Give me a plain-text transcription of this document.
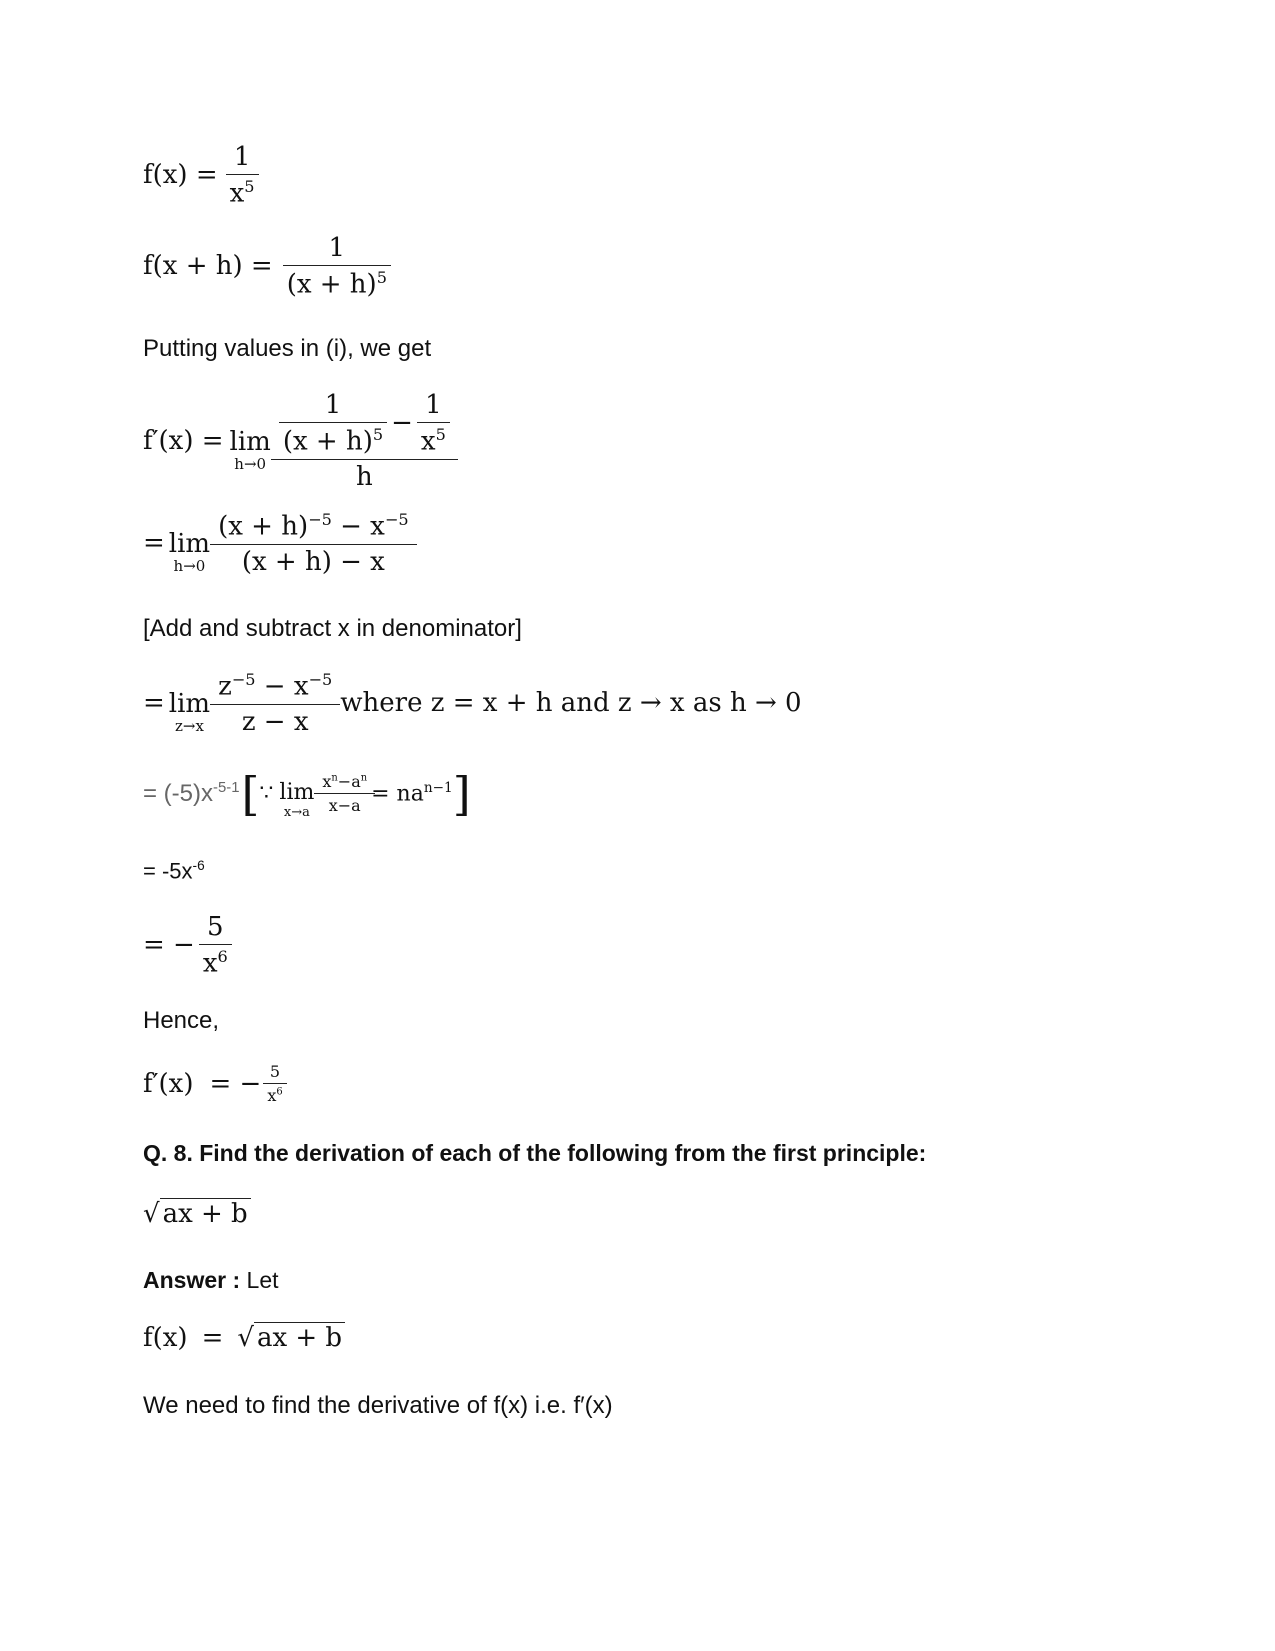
$f(x) = \frac{1}{x^5}$
$f(x + h) = \frac{1}{(x + h)^5}$
Putting values in (i), we get
f′(x) = lim
h→0
$\frac{1}{(x + h)^5} - \frac{1}{x^5}$
h
= lim
$h\to 0 \frac{(x + h)^{-5} - x^{-5}}{(x + h) - x}$
[Add and subtract x in denominator]
= lim
$z\to x \frac{z^{-5} - x^{-5}}{z - x}$ where z = x + h and z → x as h → 0
= $(-5)x^{-5-1}$ [ ∵ lim
$x\to a \frac{x^n-a^n}{x-a} = na^{n-1}$ ]
= $-5x^{-6}$
= − $\frac{5}{x^6}$
Hence,
f′(x) = − $\frac{5}{x^6}$
Q. 8. Find the derivation of each of the following from the first principle:
√ ax + b
Answer : Let
f(x) = √ ax + b
We need to find the derivative of f(x) i.e. f′(x)
